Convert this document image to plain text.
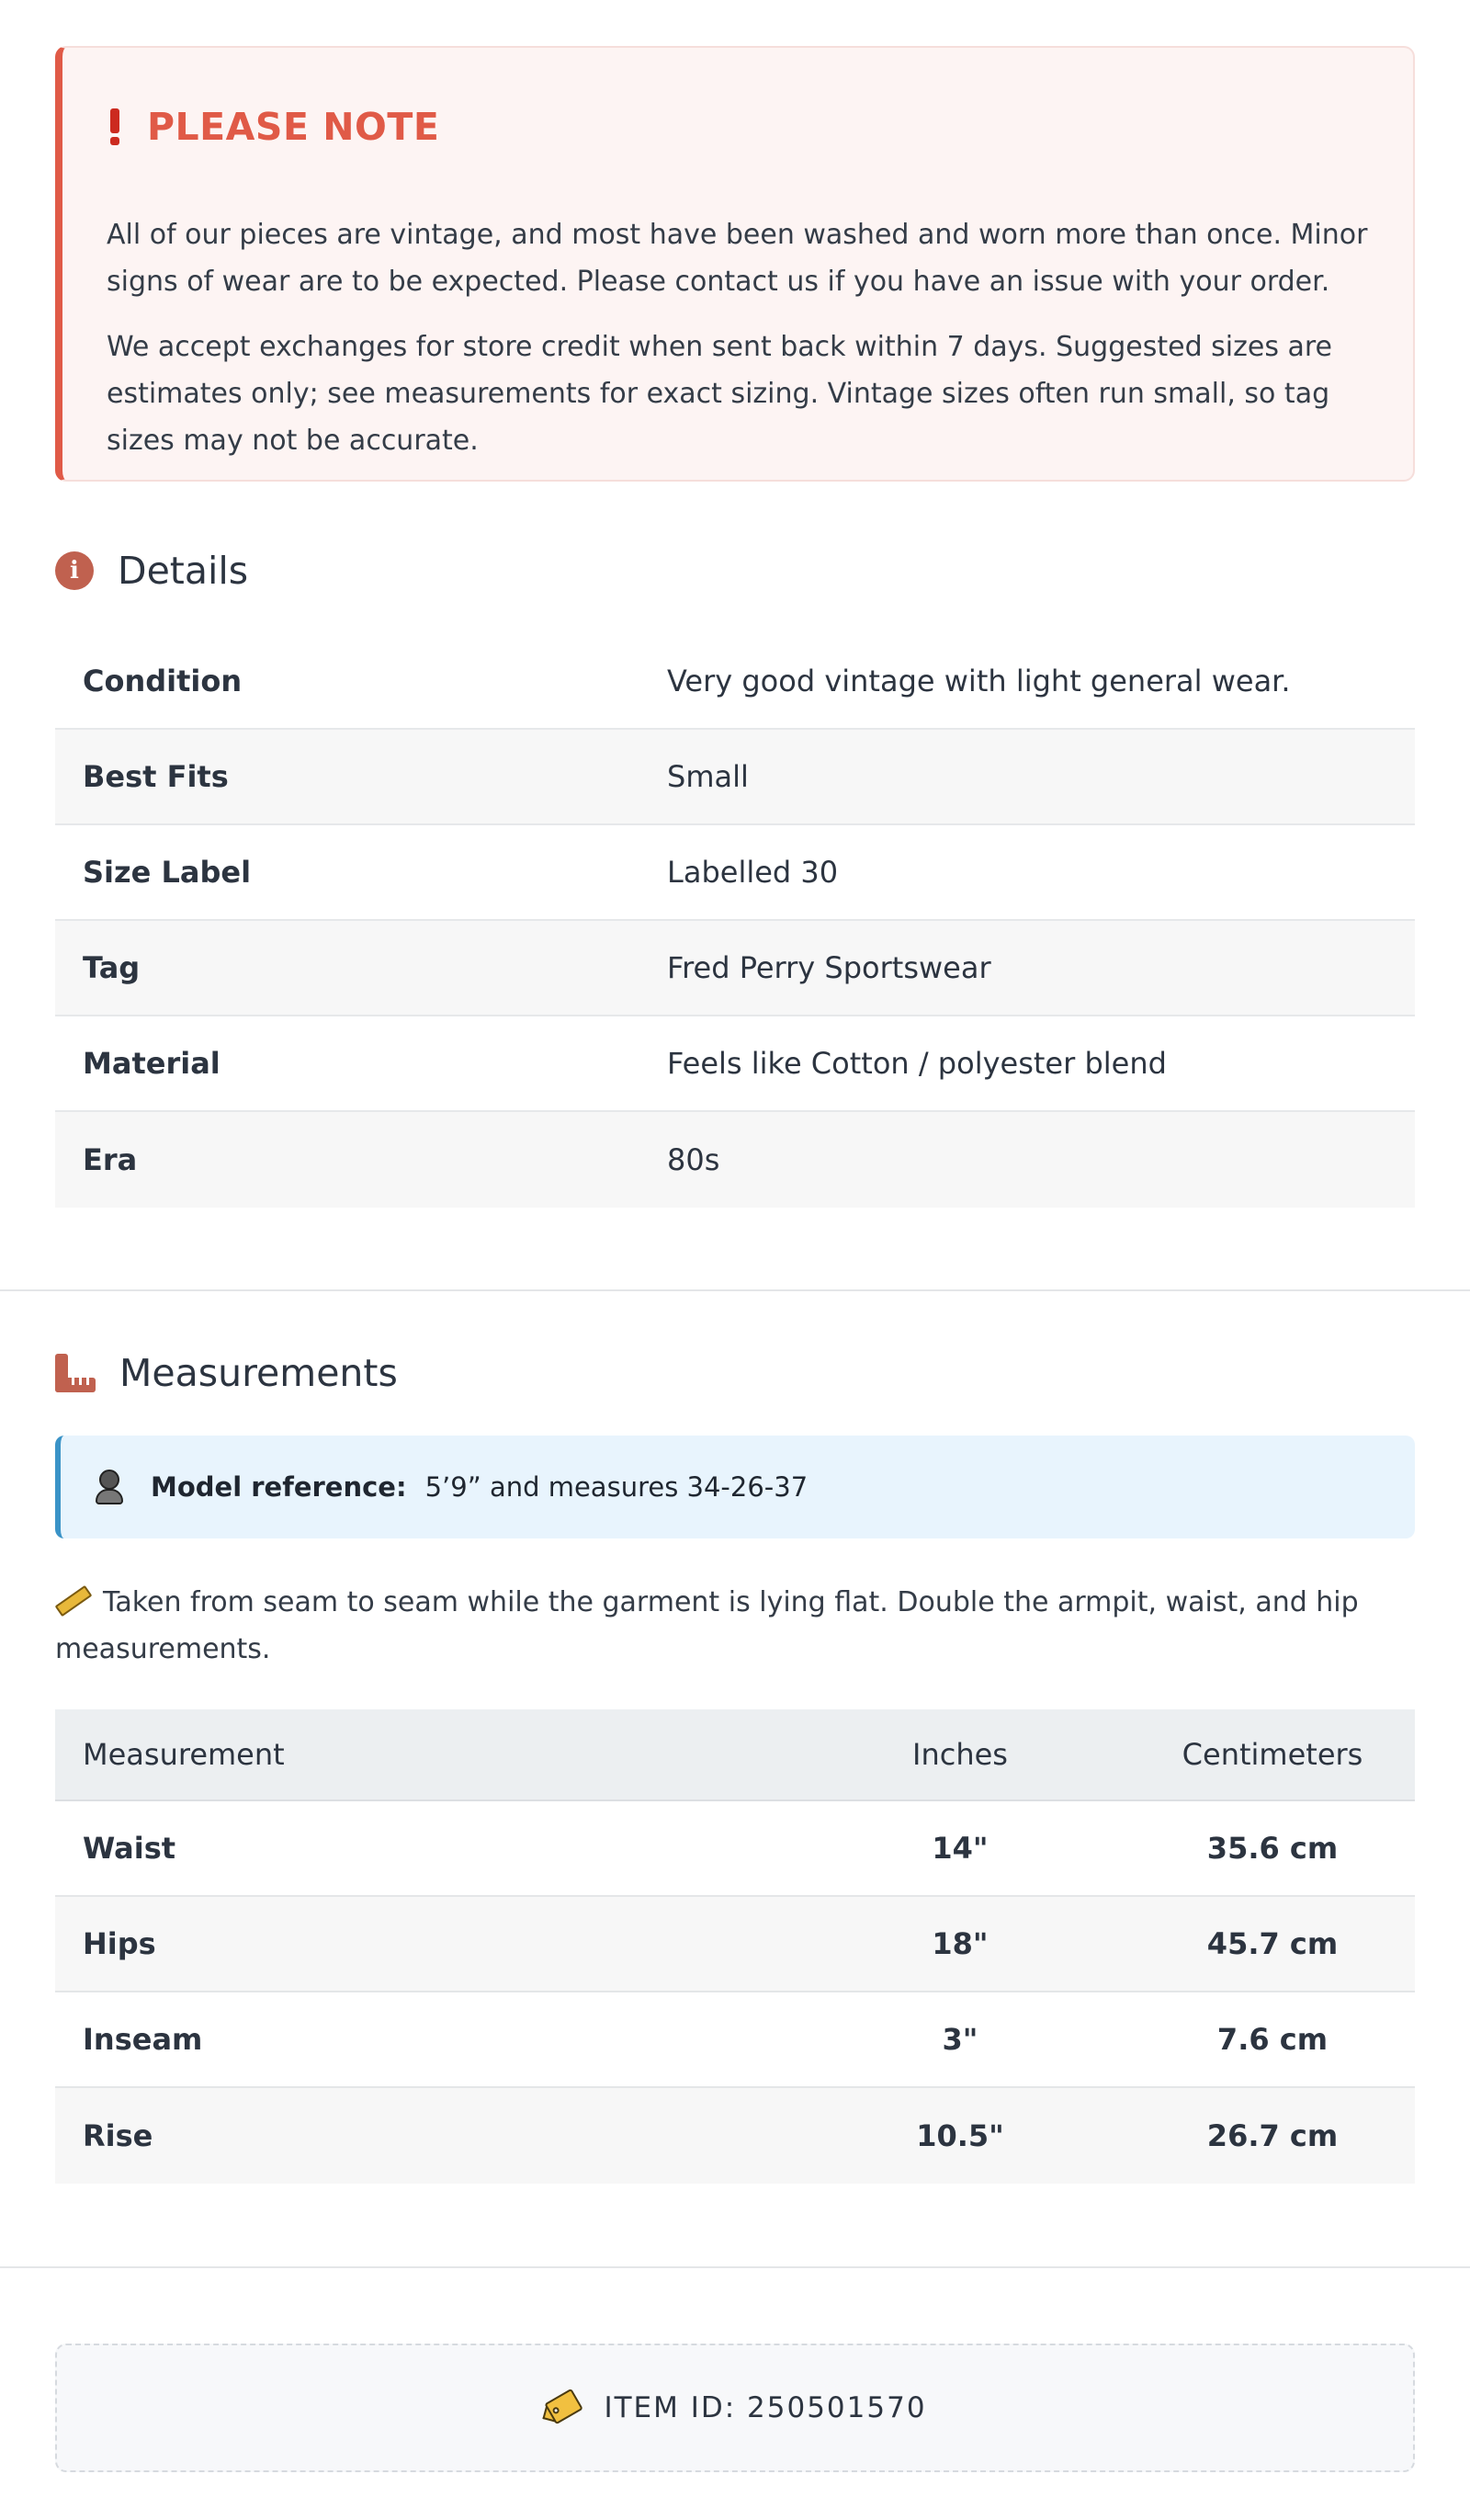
PLEASE NOTE

All of our pieces are vintage, and most have been washed and worn more than once. Minor signs of wear are to be expected. Please contact us if you have an issue with your order.

We accept exchanges for store credit when sent back within 7 days. Suggested sizes are estimates only; see measurements for exact sizing. Vintage sizes often run small, so tag sizes may not be accurate.

i	Details
Condition	Very good vintage with light general wear.
Best Fits	Small
Size Label	Labelled 30
Tag	Fred Perry Sportswear
Material	Feels like Cotton / polyester blend
Era	80s
Measurements
Model reference: 5’9” and measures 34-26-37

Taken from seam to seam while the garment is lying flat. Double the armpit, waist, and hip measurements.

Measurement	Inches	Centimeters
Waist	14"	35.6 cm
Hips	18"	45.7 cm
Inseam	3"	7.6 cm
Rise	10.5"	26.7 cm
ITEM ID: 250501570
